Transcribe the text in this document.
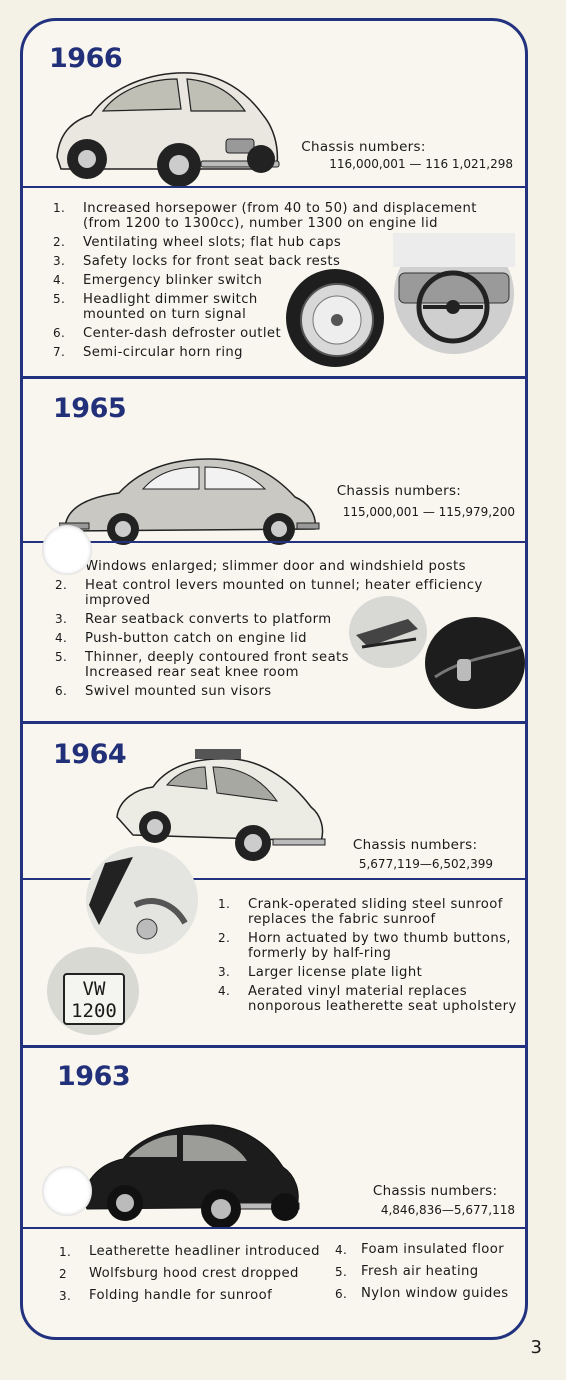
1966
Chassis numbers:
116,000,001 — 116 1,021,298
1.	Increased horsepower (from 40 to 50) and displacement (from 1200 to 1300cc), number 1300 on engine lid
2.	Ventilating wheel slots; flat hub caps
3.	Safety locks for front seat back rests
4.	Emergency blinker switch
5.	Headlight dimmer switch mounted on turn signal
6.	Center-dash defroster outlet
7.	Semi-circular horn ring
1965
Chassis numbers:
115,000,001 — 115,979,200
Windows enlarged; slimmer door and windshield posts
2.	Heat control levers mounted on tunnel; heater efficiency improved
3.	Rear seatback converts to platform
4.	Push-button catch on engine lid
5.	Thinner, deeply contoured front seats Increased rear seat knee room
6.	Swivel mounted sun visors
1964
Chassis numbers:
5,677,119—6,502,399
VW
1200
1.	Crank-operated sliding steel sunroof replaces the fabric sunroof
2.	Horn actuated by two thumb buttons, formerly by half-ring
3.	Larger license plate light
4.	Aerated vinyl material replaces nonporous leatherette seat upholstery
1963
Chassis numbers:
4,846,836—5,677,118
1.	Leatherette headliner introduced
2	Wolfsburg hood crest dropped
3.	Folding handle for sunroof
4.	Foam insulated floor
5.	Fresh air heating
6.	Nylon window guides
3
